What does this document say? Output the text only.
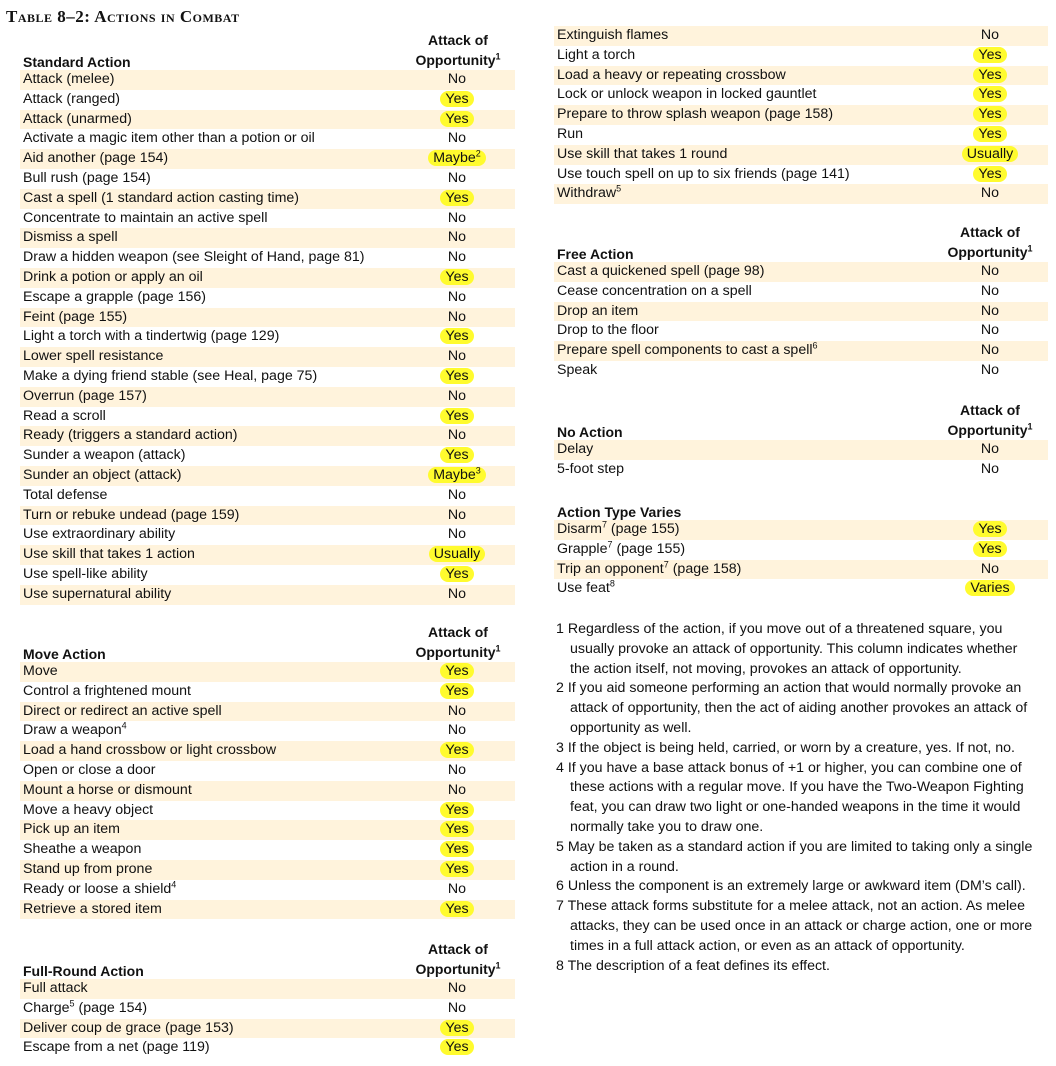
Table 8–2: Actions in Combat
Standard Action
Attack of
Opportunity$^1$
Attack (melee)	No
Attack (ranged)	Yes
Attack (unarmed)	Yes
Activate a magic item other than a potion or oil	No
Aid another (page 154)	Maybe$^2$
Bull rush (page 154)	No
Cast a spell (1 standard action casting time)	Yes
Concentrate to maintain an active spell	No
Dismiss a spell	No
Draw a hidden weapon (see Sleight of Hand, page 81)	No
Drink a potion or apply an oil	Yes
Escape a grapple (page 156)	No
Feint (page 155)	No
Light a torch with a tindertwig (page 129)	Yes
Lower spell resistance	No
Make a dying friend stable (see Heal, page 75)	Yes
Overrun (page 157)	No
Read a scroll	Yes
Ready (triggers a standard action)	No
Sunder a weapon (attack)	Yes
Sunder an object (attack)	Maybe$^3$
Total defense	No
Turn or rebuke undead (page 159)	No
Use extraordinary ability	No
Use skill that takes 1 action	Usually
Use spell-like ability	Yes
Use supernatural ability	No
Move Action
Attack of
Opportunity$^1$
Move	Yes
Control a frightened mount	Yes
Direct or redirect an active spell	No
Draw a weapon$^4$	No
Load a hand crossbow or light crossbow	Yes
Open or close a door	No
Mount a horse or dismount	No
Move a heavy object	Yes
Pick up an item	Yes
Sheathe a weapon	Yes
Stand up from prone	Yes
Ready or loose a shield$^4$	No
Retrieve a stored item	Yes
Full-Round Action
Attack of
Opportunity$^1$
Full attack	No
Charge$^5$ (page 154)	No
Deliver coup de grace (page 153)	Yes
Escape from a net (page 119)	Yes
Extinguish flames	No
Light a torch	Yes
Load a heavy or repeating crossbow	Yes
Lock or unlock weapon in locked gauntlet	Yes
Prepare to throw splash weapon (page 158)	Yes
Run	Yes
Use skill that takes 1 round	Usually
Use touch spell on up to six friends (page 141)	Yes
Withdraw$^5$	No
Free Action
Attack of
Opportunity$^1$
Cast a quickened spell (page 98)	No
Cease concentration on a spell	No
Drop an item	No
Drop to the floor	No
Prepare spell components to cast a spell$^6$	No
Speak	No
No Action
Attack of
Opportunity$^1$
Delay	No
5-foot step	No
Action Type Varies
Disarm$^7$ (page 155)	Yes
Grapple$^7$ (page 155)	Yes
Trip an opponent$^7$ (page 158)	No
Use feat$^8$	Varies
1 Regardless of the action, if you move out of a threatened square, you usually provoke an attack of opportunity. This column indicates whether the action itself, not moving, provokes an attack of opportunity.
2 If you aid someone performing an action that would normally provoke an attack of opportunity, then the act of aiding another provokes an attack of opportunity as well.
3 If the object is being held, carried, or worn by a creature, yes. If not, no.
4 If you have a base attack bonus of +1 or higher, you can combine one of these actions with a regular move. If you have the Two-Weapon Fighting feat, you can draw two light or one-handed weapons in the time it would normally take you to draw one.
5 May be taken as a standard action if you are limited to taking only a single action in a round.
6 Unless the component is an extremely large or awkward item (DM’s call).
7 These attack forms substitute for a melee attack, not an action. As melee attacks, they can be used once in an attack or charge action, one or more times in a full attack action, or even as an attack of opportunity.
8 The description of a feat defines its effect.
